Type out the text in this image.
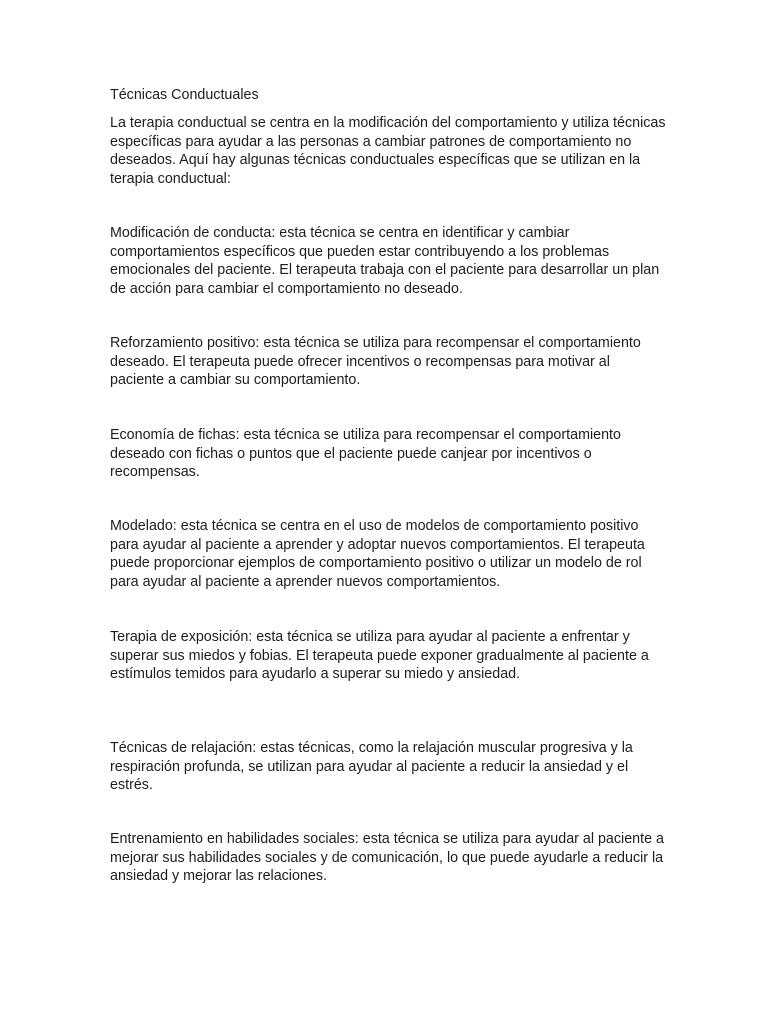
Técnicas Conductuales

La terapia conductual se centra en la modificación del comportamiento y utiliza técnicas específicas para ayudar a las personas a cambiar patrones de comportamiento no deseados. Aquí hay algunas técnicas conductuales específicas que se utilizan en la terapia conductual:

Modificación de conducta: esta técnica se centra en identificar y cambiar comportamientos específicos que pueden estar contribuyendo a los problemas emocionales del paciente. El terapeuta trabaja con el paciente para desarrollar un plan de acción para cambiar el comportamiento no deseado.

Reforzamiento positivo: esta técnica se utiliza para recompensar el comportamiento deseado. El terapeuta puede ofrecer incentivos o recompensas para motivar al paciente a cambiar su comportamiento.

Economía de fichas: esta técnica se utiliza para recompensar el comportamiento deseado con fichas o puntos que el paciente puede canjear por incentivos o recompensas.

Modelado: esta técnica se centra en el uso de modelos de comportamiento positivo para ayudar al paciente a aprender y adoptar nuevos comportamientos. El terapeuta puede proporcionar ejemplos de comportamiento positivo o utilizar un modelo de rol para ayudar al paciente a aprender nuevos comportamientos.

Terapia de exposición: esta técnica se utiliza para ayudar al paciente a enfrentar y superar sus miedos y fobias. El terapeuta puede exponer gradualmente al paciente a estímulos temidos para ayudarlo a superar su miedo y ansiedad.

Técnicas de relajación: estas técnicas, como la relajación muscular progresiva y la respiración profunda, se utilizan para ayudar al paciente a reducir la ansiedad y el estrés.

Entrenamiento en habilidades sociales: esta técnica se utiliza para ayudar al paciente a mejorar sus habilidades sociales y de comunicación, lo que puede ayudarle a reducir la ansiedad y mejorar las relaciones.
